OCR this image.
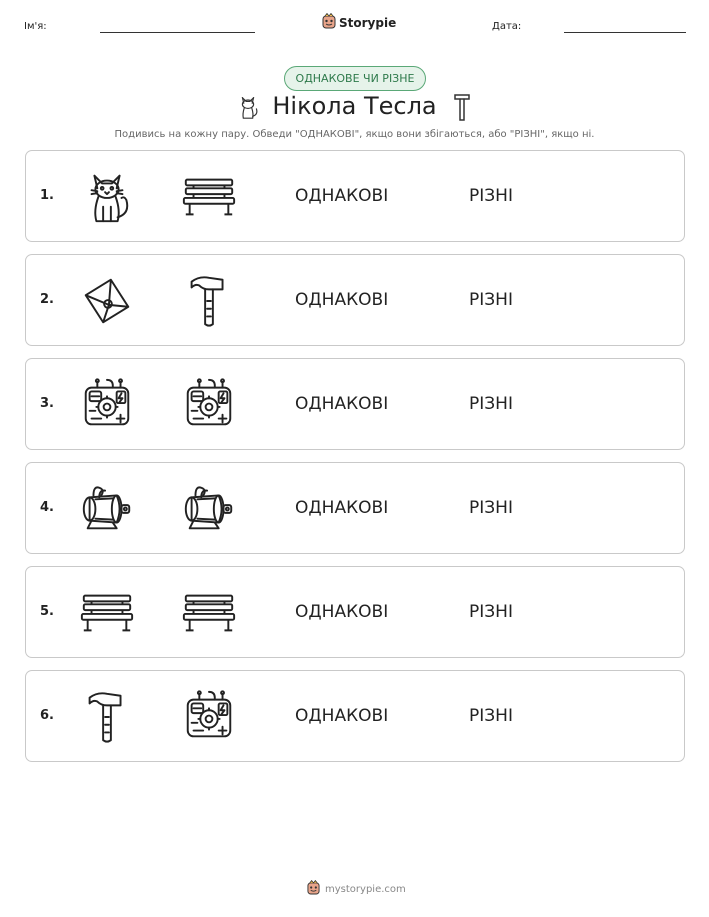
Ім'я:	Storypie	Дата:
ОДНАКОВЕ ЧИ РІЗНЕ
Нікола Тесла
Подивись на кожну пару. Обведи "ОДНАКОВІ", якщо вони збігаються, або "РІЗНІ", якщо ні.
1.	ОДНАКОВІ	РІЗНІ
2.	ОДНАКОВІ	РІЗНІ
3.	ОДНАКОВІ	РІЗНІ
4.	ОДНАКОВІ	РІЗНІ
5.	ОДНАКОВІ	РІЗНІ
6.	ОДНАКОВІ	РІЗНІ
mystorypie.com
